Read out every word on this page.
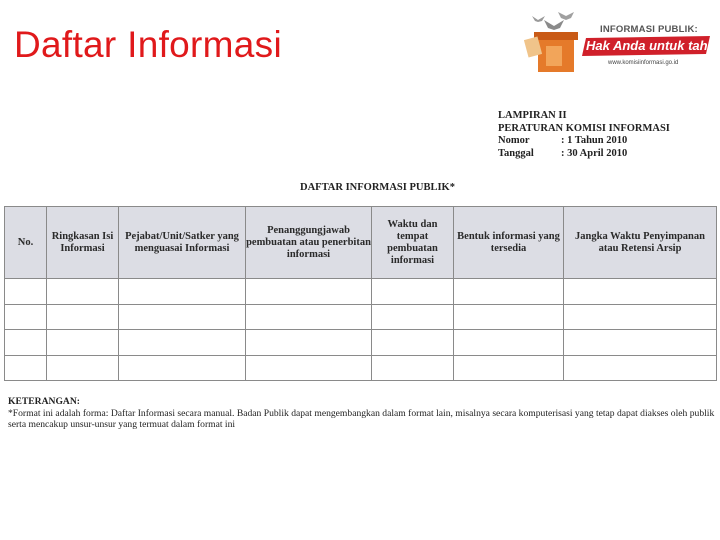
Daftar Informasi	INFORMASI PUBLIK:
Hak Anda untuk tahu!
www.komisiinformasi.go.id
LAMPIRAN II
PERATURAN KOMISI INFORMASI
Nomor	: 1 Tahun 2010
Tanggal	: 30 April 2010
DAFTAR INFORMASI PUBLIK*
No.	Ringkasan Isi Informasi	Pejabat/Unit/Satker yang menguasai Informasi	Penanggungjawab pembuatan atau penerbitan informasi	Waktu dan tempat pembuatan informasi	Bentuk informasi yang tersedia	Jangka Waktu Penyimpanan atau Retensi Arsip

KETERANGAN:
*Format ini adalah forma: Daftar Informasi secara manual. Badan Publik dapat mengembangkan dalam format lain, misalnya secara komputerisasi yang tetap dapat diakses oleh publik serta mencakup unsur-unsur yang termuat dalam format ini
